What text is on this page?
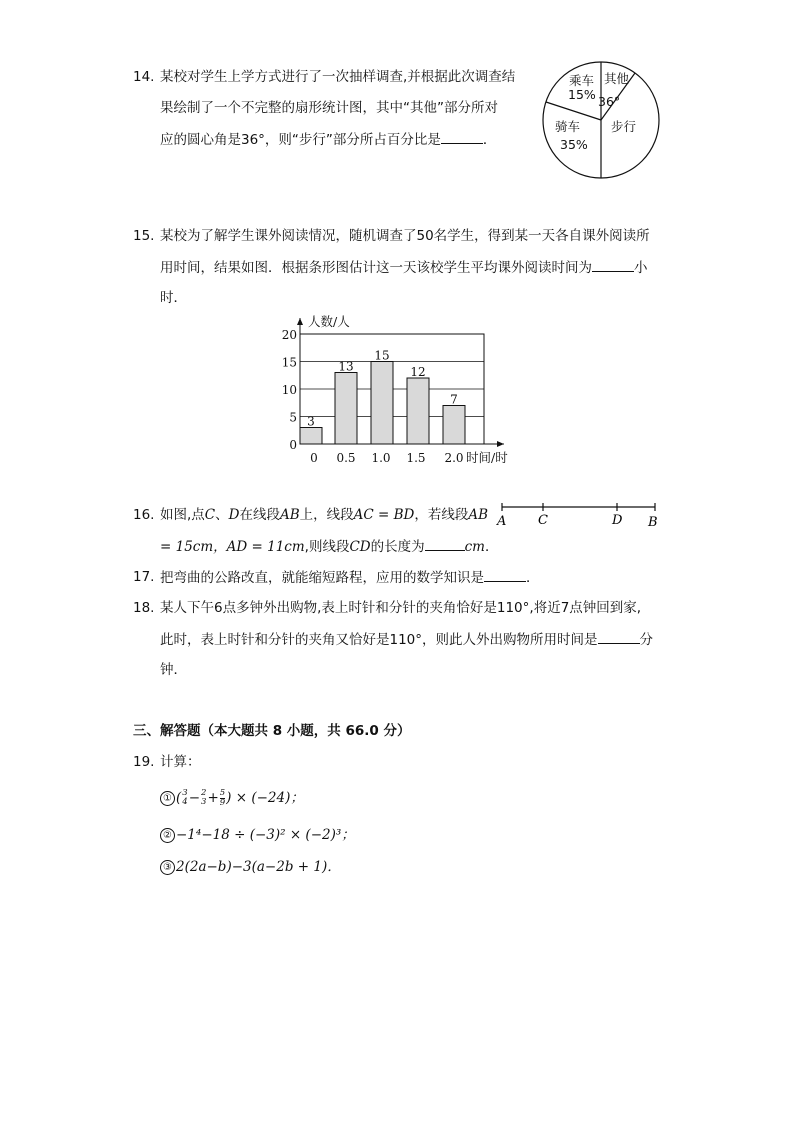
14. 某校对学生上学方式进行了一次抽样调查,并根据此次调查结
果绘制了一个不完整的扇形统计图，其中“其他”部分所对
应的圆心角是36°，则“步行”部分所占百分比是	．
乘车
15%
其他
36°
骑车
35%
步行
15. 某校为了解学生课外阅读情况，随机调查了50名学生，得到某一天各自课外阅读所
用时间，结果如图．根据条形图估计这一天该校学生平均课外阅读时间为	小
时．
0
5
10
15
20
人数/人
3
13
15
12
7
0 0.5 1.0 1.5 2.0 时间/时
16. 如图,点C、D在线段AB上，线段AC = BD，若线段AB
= 15cm，AD = 11cm,则线段CD的长度为	cm．
A C	D B
17. 把弯曲的公路改直，就能缩短路程，应用的数学知识是	．
18. 某人下午6点多钟外出购物,表上时针和分针的夹角恰好是110°,将近7点钟回到家,
此时，表上时针和分针的夹角又恰好是110°，则此人外出购物所用时间是	分
钟．
三、解答题（本大题共 8 小题，共 66.0 分）
19. 计算：
① ( 3
4 − 2
$3 + \frac{5}{9}$ ) × (−24)；
② −1⁴−18 ÷ (−3)² × (−2)³；
③ 2(2a−b)−3(a−2b + 1)．
